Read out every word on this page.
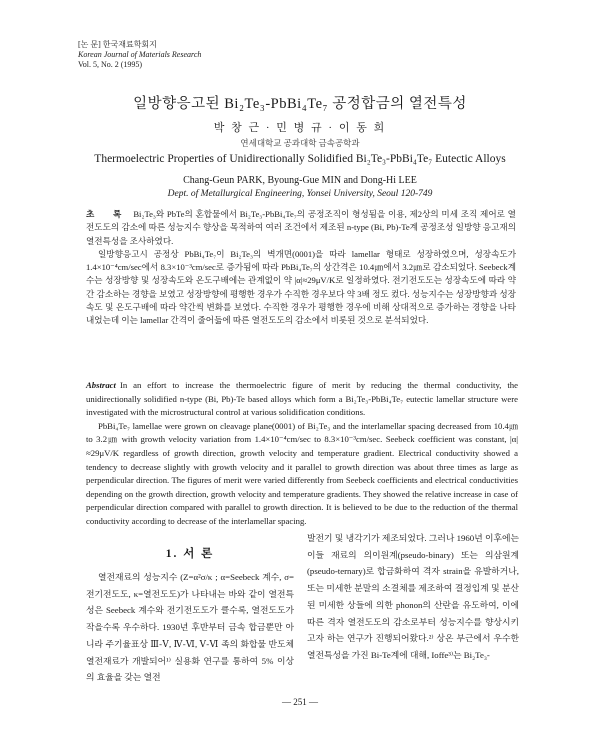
[논 문] 한국재료학회지
Korean Journal of Materials Research
Vol. 5, No. 2 (1995)
일방향응고된 Bi₂Te₃-PbBi₄Te₇ 공정합금의 열전특성
박 창 근 · 민 병 규 · 이 동 희
연세대학교 공과대학 금속공학과
Thermoelectric Properties of Unidirectionally Solidified Bi₂Te₃-PbBi₄Te₇ Eutectic Alloys
Chang-Geun PARK, Byoung-Gue MIN and Dong-Hi LEE
Dept. of Metallurgical Engineering, Yonsei University, Seoul 120-749

초 록 Bi₂Te₃와 PbTe의 혼합물에서 Bi₂Te₃-PbBi₄Te₇의 공정조직이 형성됨을 이용, 제2상의 미세 조직 제어로 열전도도의 감소에 따른 성능지수 향상을 목적하여 여러 조건에서 제조된 n-type (Bi, Pb)-Te계 공정조성 일방향 응고재의 열전특성을 조사하였다.

일방향응고시 공정상 PbBi₄Te₇이 Bi₂Te₃의 벽개면(0001)을 따라 lamellar 형태로 성장하였으며, 성장속도가 1.4×10⁻⁴cm/sec에서 8.3×10⁻³cm/sec로 증가됨에 따라 PbBi₄Te₇의 상간격은 10.4㎛에서 3.2㎛로 감소되었다. Seebeck계수는 성장방향 및 성장속도와 온도구배에는 관계없이 약 |α|≈29μV/K로 일정하였다. 전기전도도는 성장속도에 따라 약간 감소하는 경향을 보였고 성장방향에 평행한 경우가 수직한 경우보다 약 3배 정도 컸다. 성능지수는 성장방향과 성장속도 및 온도구배에 따라 약간씩 변화를 보였다. 수직한 경우가 평행한 경우에 비해 상대적으로 증가하는 경향을 나타내었는데 이는 lamellar 간격이 줄어듦에 따른 열전도도의 감소에서 비롯된 것으로 분석되었다.

Abstract In an effort to increase the thermoelectric figure of merit by reducing the thermal conductivity, the unidirectionally solidified n-type (Bi, Pb)-Te based alloys which form a Bi₂Te₃-PbBi₄Te₇ eutectic lamellar structure were investigated with the microstructural control at various solidification conditions.

PbBi₄Te₇ lamellae were grown on cleavage plane(0001) of Bi₂Te₃ and the interlamellar spacing decreased from 10.4㎛ to 3.2㎛ with growth velocity variation from 1.4×10⁻⁴cm/sec to 8.3×10⁻³cm/sec. Seebeck coefficient was constant, |α|≈29μV/K regardless of growth direction, growth velocity and temperature gradient. Electrical conductivity showed a tendency to decrease slightly with growth velocity and it parallel to growth direction was about three times as large as perpendicular direction. The figures of merit were varied differently from Seebeck coefficients and electrical conductivities depending on the growth direction, growth velocity and temperature gradients. They showed the relative increase in case of perpendicular direction compared with parallel to growth direction. It is believed to be due to the reduction of the thermal conductivity according to decrease of the interlamellar spacing.

1. 서 론

열전재료의 성능지수 (Z=α²σ/κ ; α=Seebeck 계수, σ=전기전도도, κ=열전도도)가 나타내는 바와 같이 열전특성은 Seebeck 계수와 전기전도도가 클수록, 열전도도가 작을수록 우수하다. 1930년 후반부터 금속 합금뿐만 아니라 주기율표상 Ⅲ-Ⅴ, Ⅳ-Ⅵ, Ⅴ-Ⅵ 족의 화합물 반도체 열전재료가 개발되어¹⁾ 실용화 연구를 통하여 5% 이상의 효율을 갖는 열전

발전기 및 냉각기가 제조되었다. 그러나 1960년 이후에는 이들 재료의 의이원계(pseudo-binary) 또는 의삼원계(pseudo-ternary)로 합금화하여 격자 strain을 유발하거나, 또는 미세한 분말의 소결체를 제조하여 결정입계 및 분산된 미세한 상들에 의한 phonon의 산란을 유도하여, 이에 따른 격자 열전도도의 감소로부터 성능지수를 향상시키고자 하는 연구가 진행되어왔다.²⁾ 상온 부근에서 우수한 열전특성을 가진 Bi-Te계에 대해, Ioffe³⁾는 Bi₂Te₃-

— 251 —
